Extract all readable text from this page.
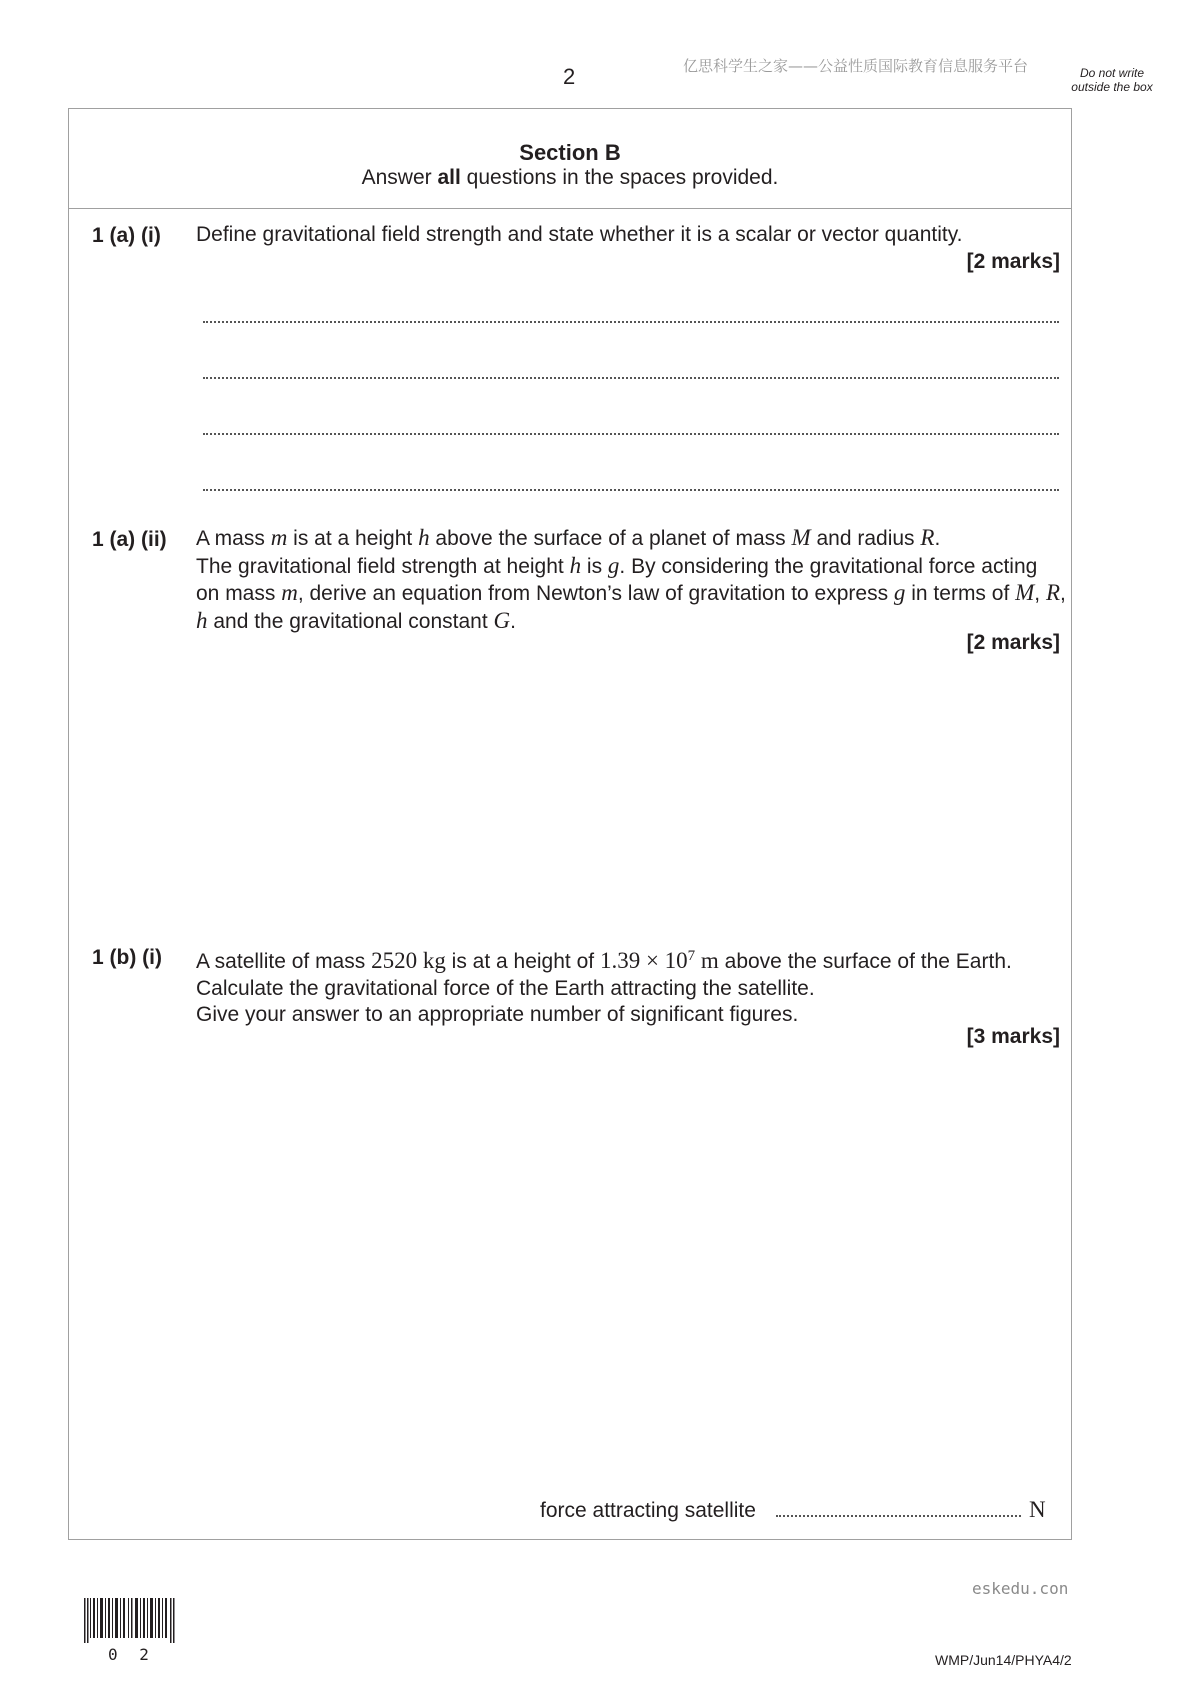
2	亿思科学生之家——公益性质国际教育信息服务平台	Do not write outside the box
Section B
Answer all questions in the spaces provided.
1 (a) (i) Define gravitational field strength and state whether it is a scalar or vector quantity.
[2 marks]
1 (a) (ii) A mass m is at a height h above the surface of a planet of mass M and radius R.
The gravitational field strength at height h is g. By considering the gravitational force acting on mass m, derive an equation from Newton’s law of gravitation to express g in terms of M, R, h and the gravitational constant G.
[2 marks]
1 (b) (i) A satellite of mass 2520 kg is at a height of $1.39 \times 10^7$ m above the surface of the Earth. Calculate the gravitational force of the Earth attracting the satellite.
Give your answer to an appropriate number of significant figures.
[3 marks]
force attracting satellite	N
eskedu.con
0 2	WMP/Jun14/PHYA4/2
